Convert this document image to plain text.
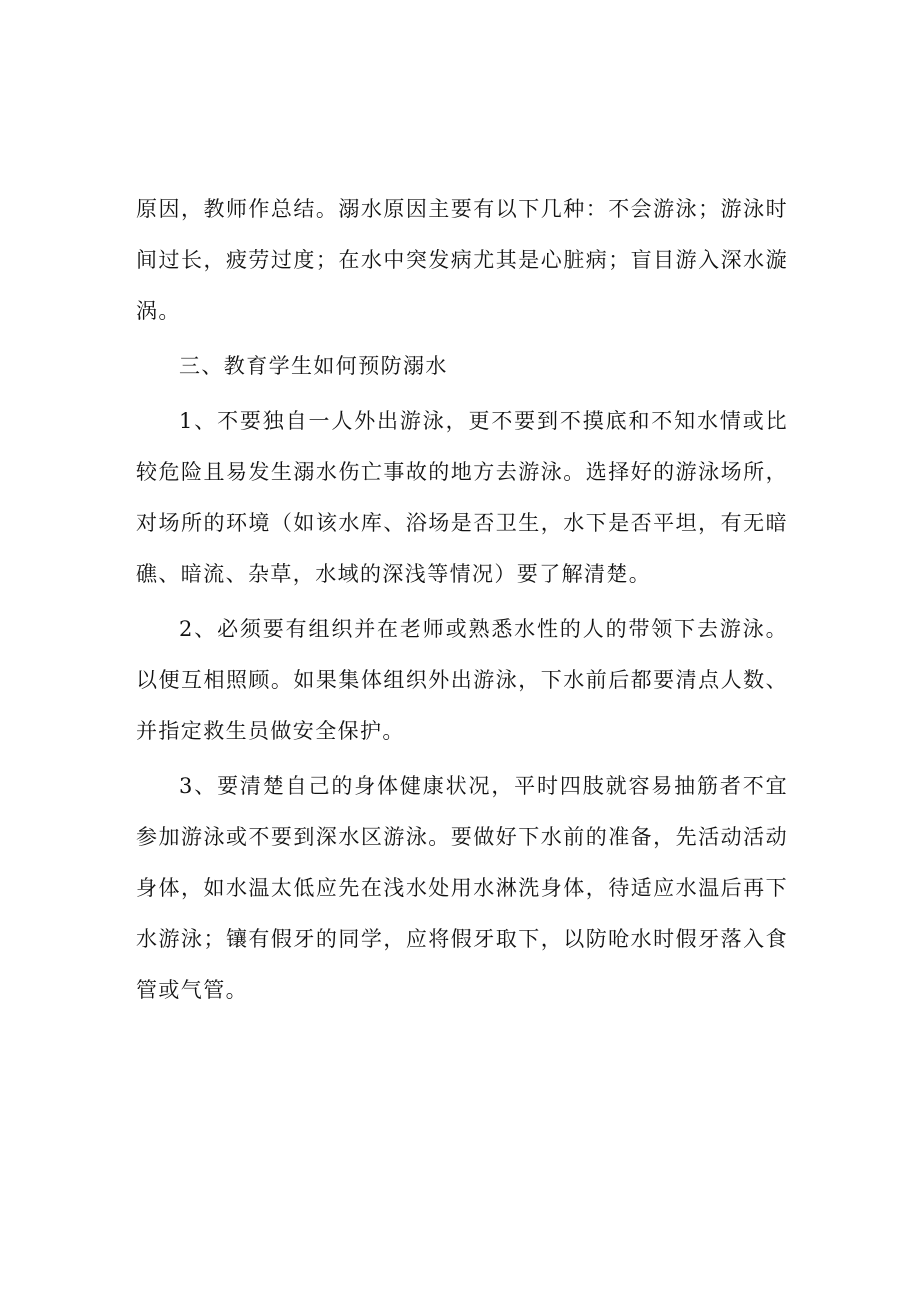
原因，教师作总结。溺水原因主要有以下几种：不会游泳；游泳时间过长，疲劳过度；在水中突发病尤其是心脏病；盲目游入深水漩涡。

三、教育学生如何预防溺水

1、不要独自一人外出游泳，更不要到不摸底和不知水情或比较危险且易发生溺水伤亡事故的地方去游泳。选择好的游泳场所，对场所的环境（如该水库、浴场是否卫生，水下是否平坦，有无暗礁、暗流、杂草，水域的深浅等情况）要了解清楚。

2、必须要有组织并在老师或熟悉水性的人的带领下去游泳。以便互相照顾。如果集体组织外出游泳，下水前后都要清点人数、并指定救生员做安全保护。

3、要清楚自己的身体健康状况，平时四肢就容易抽筋者不宜参加游泳或不要到深水区游泳。要做好下水前的准备，先活动活动身体，如水温太低应先在浅水处用水淋洗身体，待适应水温后再下水游泳；镶有假牙的同学，应将假牙取下，以防呛水时假牙落入食管或气管。
